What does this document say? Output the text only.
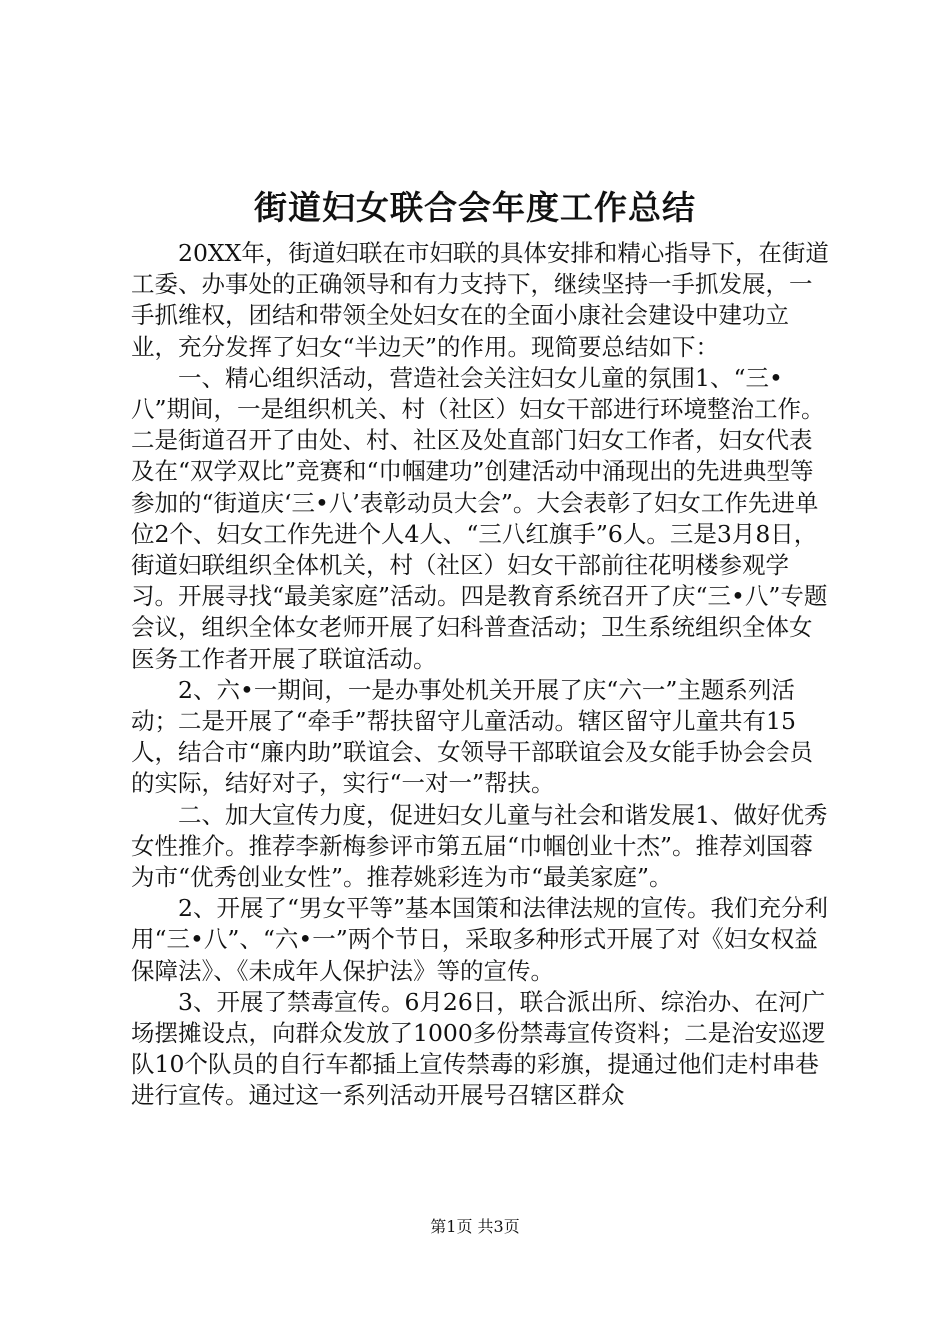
街道妇女联合会年度工作总结

20XX年，街道妇联在市妇联的具体安排和精心指导下，在街道工委、办事处的正确领导和有力支持下，继续坚持一手抓发展，一手抓维权，团结和带领全处妇女在的全面小康社会建设中建功立业，充分发挥了妇女“半边天”的作用。现简要总结如下：

一、精心组织活动，营造社会关注妇女儿童的氛围1、“三•八”期间，一是组织机关、村（社区）妇女干部进行环境整治工作。二是街道召开了由处、村、社区及处直部门妇女工作者，妇女代表及在“双学双比”竞赛和“巾帼建功”创建活动中涌现出的先进典型等参加的“街道庆‘三•八’表彰动员大会”。大会表彰了妇女工作先进单位2个、妇女工作先进个人4人、“三八红旗手”6人。三是3月8日，街道妇联组织全体机关，村（社区）妇女干部前往花明楼参观学习。开展寻找“最美家庭”活动。四是教育系统召开了庆“三•八”专题会议，组织全体女老师开展了妇科普查活动；卫生系统组织全体女医务工作者开展了联谊活动。

2、六•一期间，一是办事处机关开展了庆“六一”主题系列活动；二是开展了“牵手”帮扶留守儿童活动。辖区留守儿童共有15人，结合市“廉内助”联谊会、女领导干部联谊会及女能手协会会员的实际，结好对子，实行“一对一”帮扶。

二、加大宣传力度，促进妇女儿童与社会和谐发展1、做好优秀女性推介。推荐李新梅参评市第五届“巾帼创业十杰”。推荐刘国蓉为市“优秀创业女性”。推荐姚彩连为市“最美家庭”。

2、开展了“男女平等”基本国策和法律法规的宣传。我们充分利用“三•八”、“六•一”两个节日，采取多种形式开展了对《妇女权益保障法》、《未成年人保护法》等的宣传。

3、开展了禁毒宣传。6月26日，联合派出所、综治办、在河广场摆摊设点，向群众发放了1000多份禁毒宣传资料；二是治安巡逻队10个队员的自行车都插上宣传禁毒的彩旗，提通过他们走村串巷进行宣传。通过这一系列活动开展号召辖区群众

第1页 共3页
